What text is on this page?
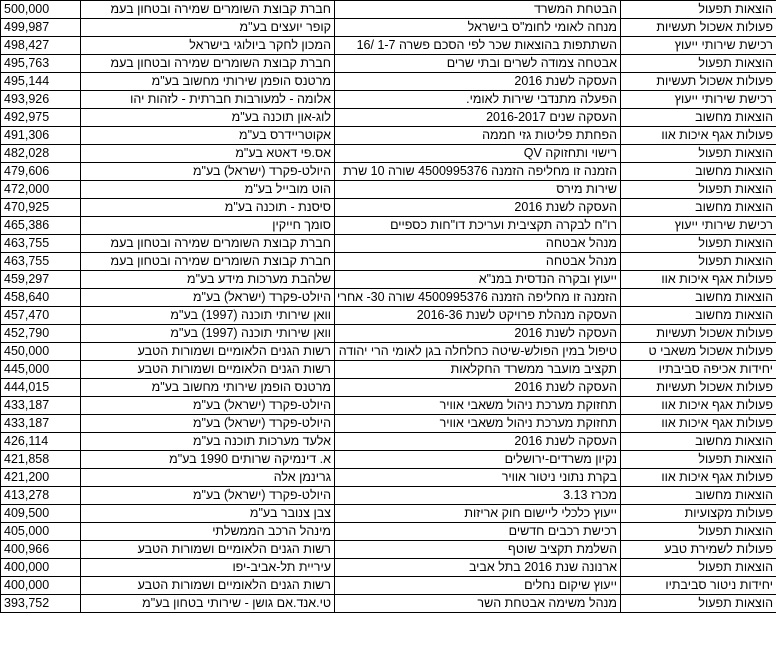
500,000	חברת קבוצת השומרים שמירה ובטחון בעמ	הבטחת המשרד	הוצאות תפעול
499,987	קופר יועצים בע"מ	מנחה לאומי לחומ"ס בישראל	פעולות אשכול תעשיות
498,427	המכון לחקר ביולוגי בישראל	השתתפות בהוצאות שכר לפי הסכם פשרה 1-7 /16	רכישת שירותי ייעוץ
495,763	חברת קבוצת השומרים שמירה ובטחון בעמ	אבטחה צמודה לשרים ובתי שרים	הוצאות תפעול
495,144	מרטנס הופמן שירותי מחשוב בע"מ	העסקה לשנת 2016	פעולות אשכול תעשיות
493,926	אלומה - למעורבות חברתית - לזהות יהו	הפעלה מתנדבי שירות לאומי.	רכישת שירותי ייעוץ
492,975	לוג-און תוכנה בע"מ	העסקה שנים 2016-2017	הוצאות מחשוב
491,306	אקוטריידרס בע"מ	הפחתת פליטות גזי חממה	פעולות אגף איכות אוו
482,028	אס.פי דאטא בע"מ	רישוי ותחזוקה QV	הוצאות תפעול
479,606	היולט-פקרד (ישראל) בע"מ	הזמנה זו מחליפה הזמנה 4500995376 שורה 10 שרת	הוצאות מחשוב
472,000	הוט מובייל בע"מ	שירות מירס	הוצאות תפעול
470,925	סיסנת - תוכנה בע"מ	העסקה לשנת 2016	הוצאות מחשוב
465,386	סומך חייקין	רו"ח לבקרה תקציבית ועריכת דו"חות כספיים	רכישת שירותי ייעוץ
463,755	חברת קבוצת השומרים שמירה ובטחון בעמ	מנהל אבטחה	הוצאות תפעול
463,755	חברת קבוצת השומרים שמירה ובטחון בעמ	מנהל אבטחה	הוצאות תפעול
459,297	שלהבת מערכות מידע בע"מ	ייעוץ ובקרה הנדסית במנ"א	פעולות אגף איכות אוו
458,640	היולט-פקרד (ישראל) בע"מ	הזמנה זו מחליפה הזמנה 4500995376 שורה 30- אחרי	הוצאות מחשוב
457,470	וואן שירותי תוכנה (1997) בע"מ	העסקה מנהלת פרויקט לשנת 2016-36	הוצאות מחשוב
452,790	וואן שירותי תוכנה (1997) בע"מ	העסקה לשנת 2016	פעולות אשכול תעשיות
450,000	רשות הגנים הלאומיים ושמורות הטבע	טיפול במין הפולש-שיטה כחלחלה בגן לאומי הרי יהודה	פעולות אשכול משאבי ט
445,000	רשות הגנים הלאומיים ושמורות הטבע	תקציב מועבר ממשרד החקלאות	יחידות אכיפה סביבתיו
444,015	מרטנס הופמן שירותי מחשוב בע"מ	העסקה לשנת 2016	פעולות אשכול תעשיות
433,187	היולט-פקרד (ישראל) בע"מ	תחזוקת מערכת ניהול משאבי אוויר	פעולות אגף איכות אוו
433,187	היולט-פקרד (ישראל) בע"מ	תחזוקת מערכת ניהול משאבי אוויר	פעולות אגף איכות אוו
426,114	אלעד מערכות תוכנה בע"מ	העסקה לשנת 2016	הוצאות מחשוב
421,858	א. דינמיקה שרותים 1990 בע"מ	נקיון משרדים-ירושלים	הוצאות תפעול
421,200	גרינמן אלה	בקרת נתוני ניטור אוויר	פעולות אגף איכות אוו
413,278	היולט-פקרד (ישראל) בע"מ	מכרז 3.13	הוצאות מחשוב
409,500	צבן צנובר בע"מ	ייעוץ כלכלי ליישום חוק אריזות	פעולות מקצועיות
405,000	מינהל הרכב הממשלתי	רכישת רכבים חדשים	הוצאות תפעול
400,966	רשות הגנים הלאומיים ושמורות הטבע	השלמת תקציב שוטף	פעולות לשמירת טבע
400,000	עיריית תל-אביב-יפו	ארנונה שנת 2016 בתל אביב	הוצאות תפעול
400,000	רשות הגנים הלאומיים ושמורות הטבע	ייעוץ שיקום נחלים	יחידות ניטור סביבתיו
393,752	טי.אנד.אם גושן - שירותי בטחון בע"מ	מנהל משימה אבטחת השר	הוצאות תפעול
